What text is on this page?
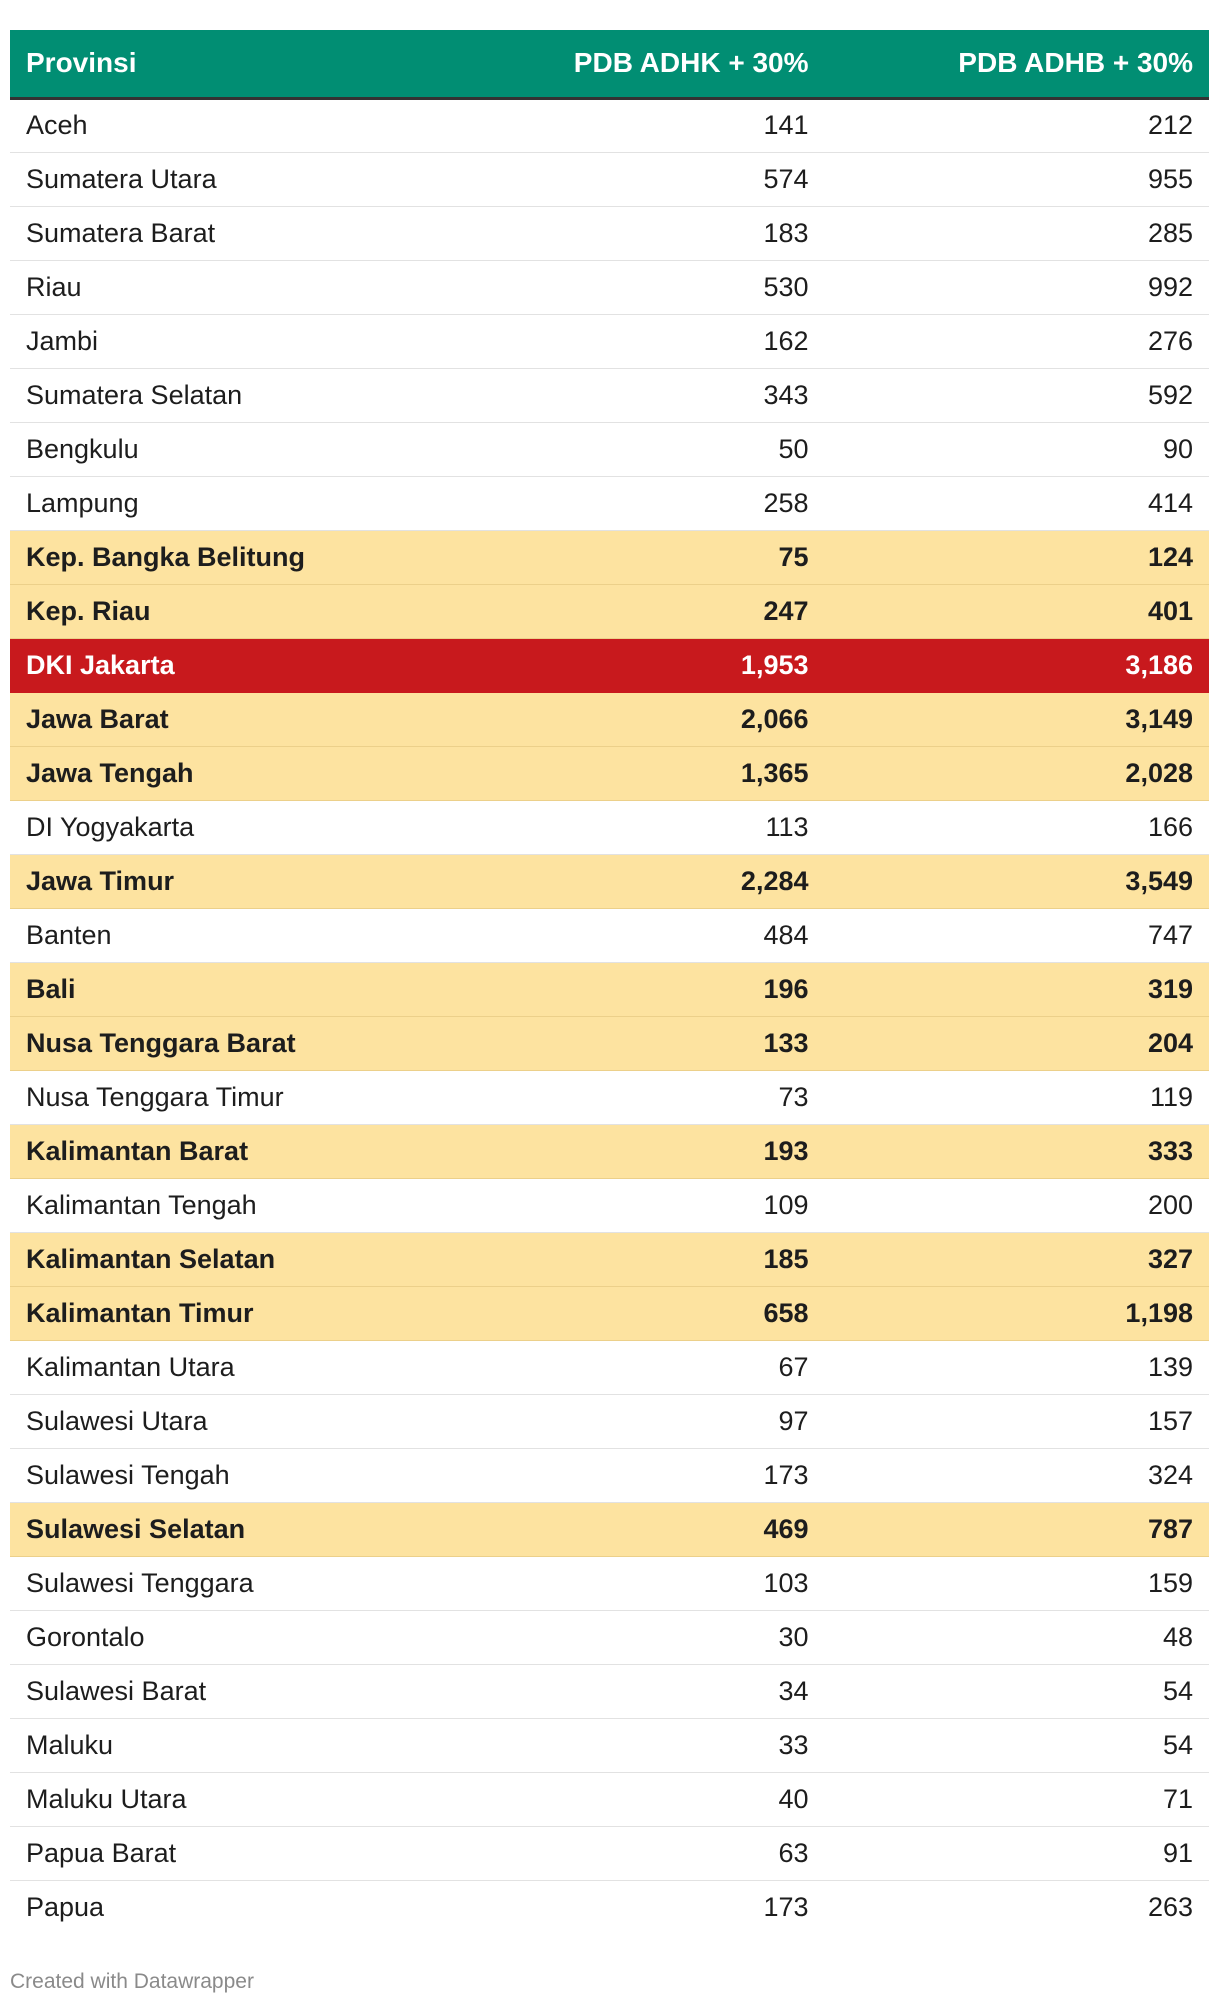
Provinsi	PDB ADHK + 30%	PDB ADHB + 30%
Aceh	141	212
Sumatera Utara	574	955
Sumatera Barat	183	285
Riau	530	992
Jambi	162	276
Sumatera Selatan	343	592
Bengkulu	50	90
Lampung	258	414
Kep. Bangka Belitung	75	124
Kep. Riau	247	401
DKI Jakarta	1,953	3,186
Jawa Barat	2,066	3,149
Jawa Tengah	1,365	2,028
DI Yogyakarta	113	166
Jawa Timur	2,284	3,549
Banten	484	747
Bali	196	319
Nusa Tenggara Barat	133	204
Nusa Tenggara Timur	73	119
Kalimantan Barat	193	333
Kalimantan Tengah	109	200
Kalimantan Selatan	185	327
Kalimantan Timur	658	1,198
Kalimantan Utara	67	139
Sulawesi Utara	97	157
Sulawesi Tengah	173	324
Sulawesi Selatan	469	787
Sulawesi Tenggara	103	159
Gorontalo	30	48
Sulawesi Barat	34	54
Maluku	33	54
Maluku Utara	40	71
Papua Barat	63	91
Papua	173	263
Created with Datawrapper
